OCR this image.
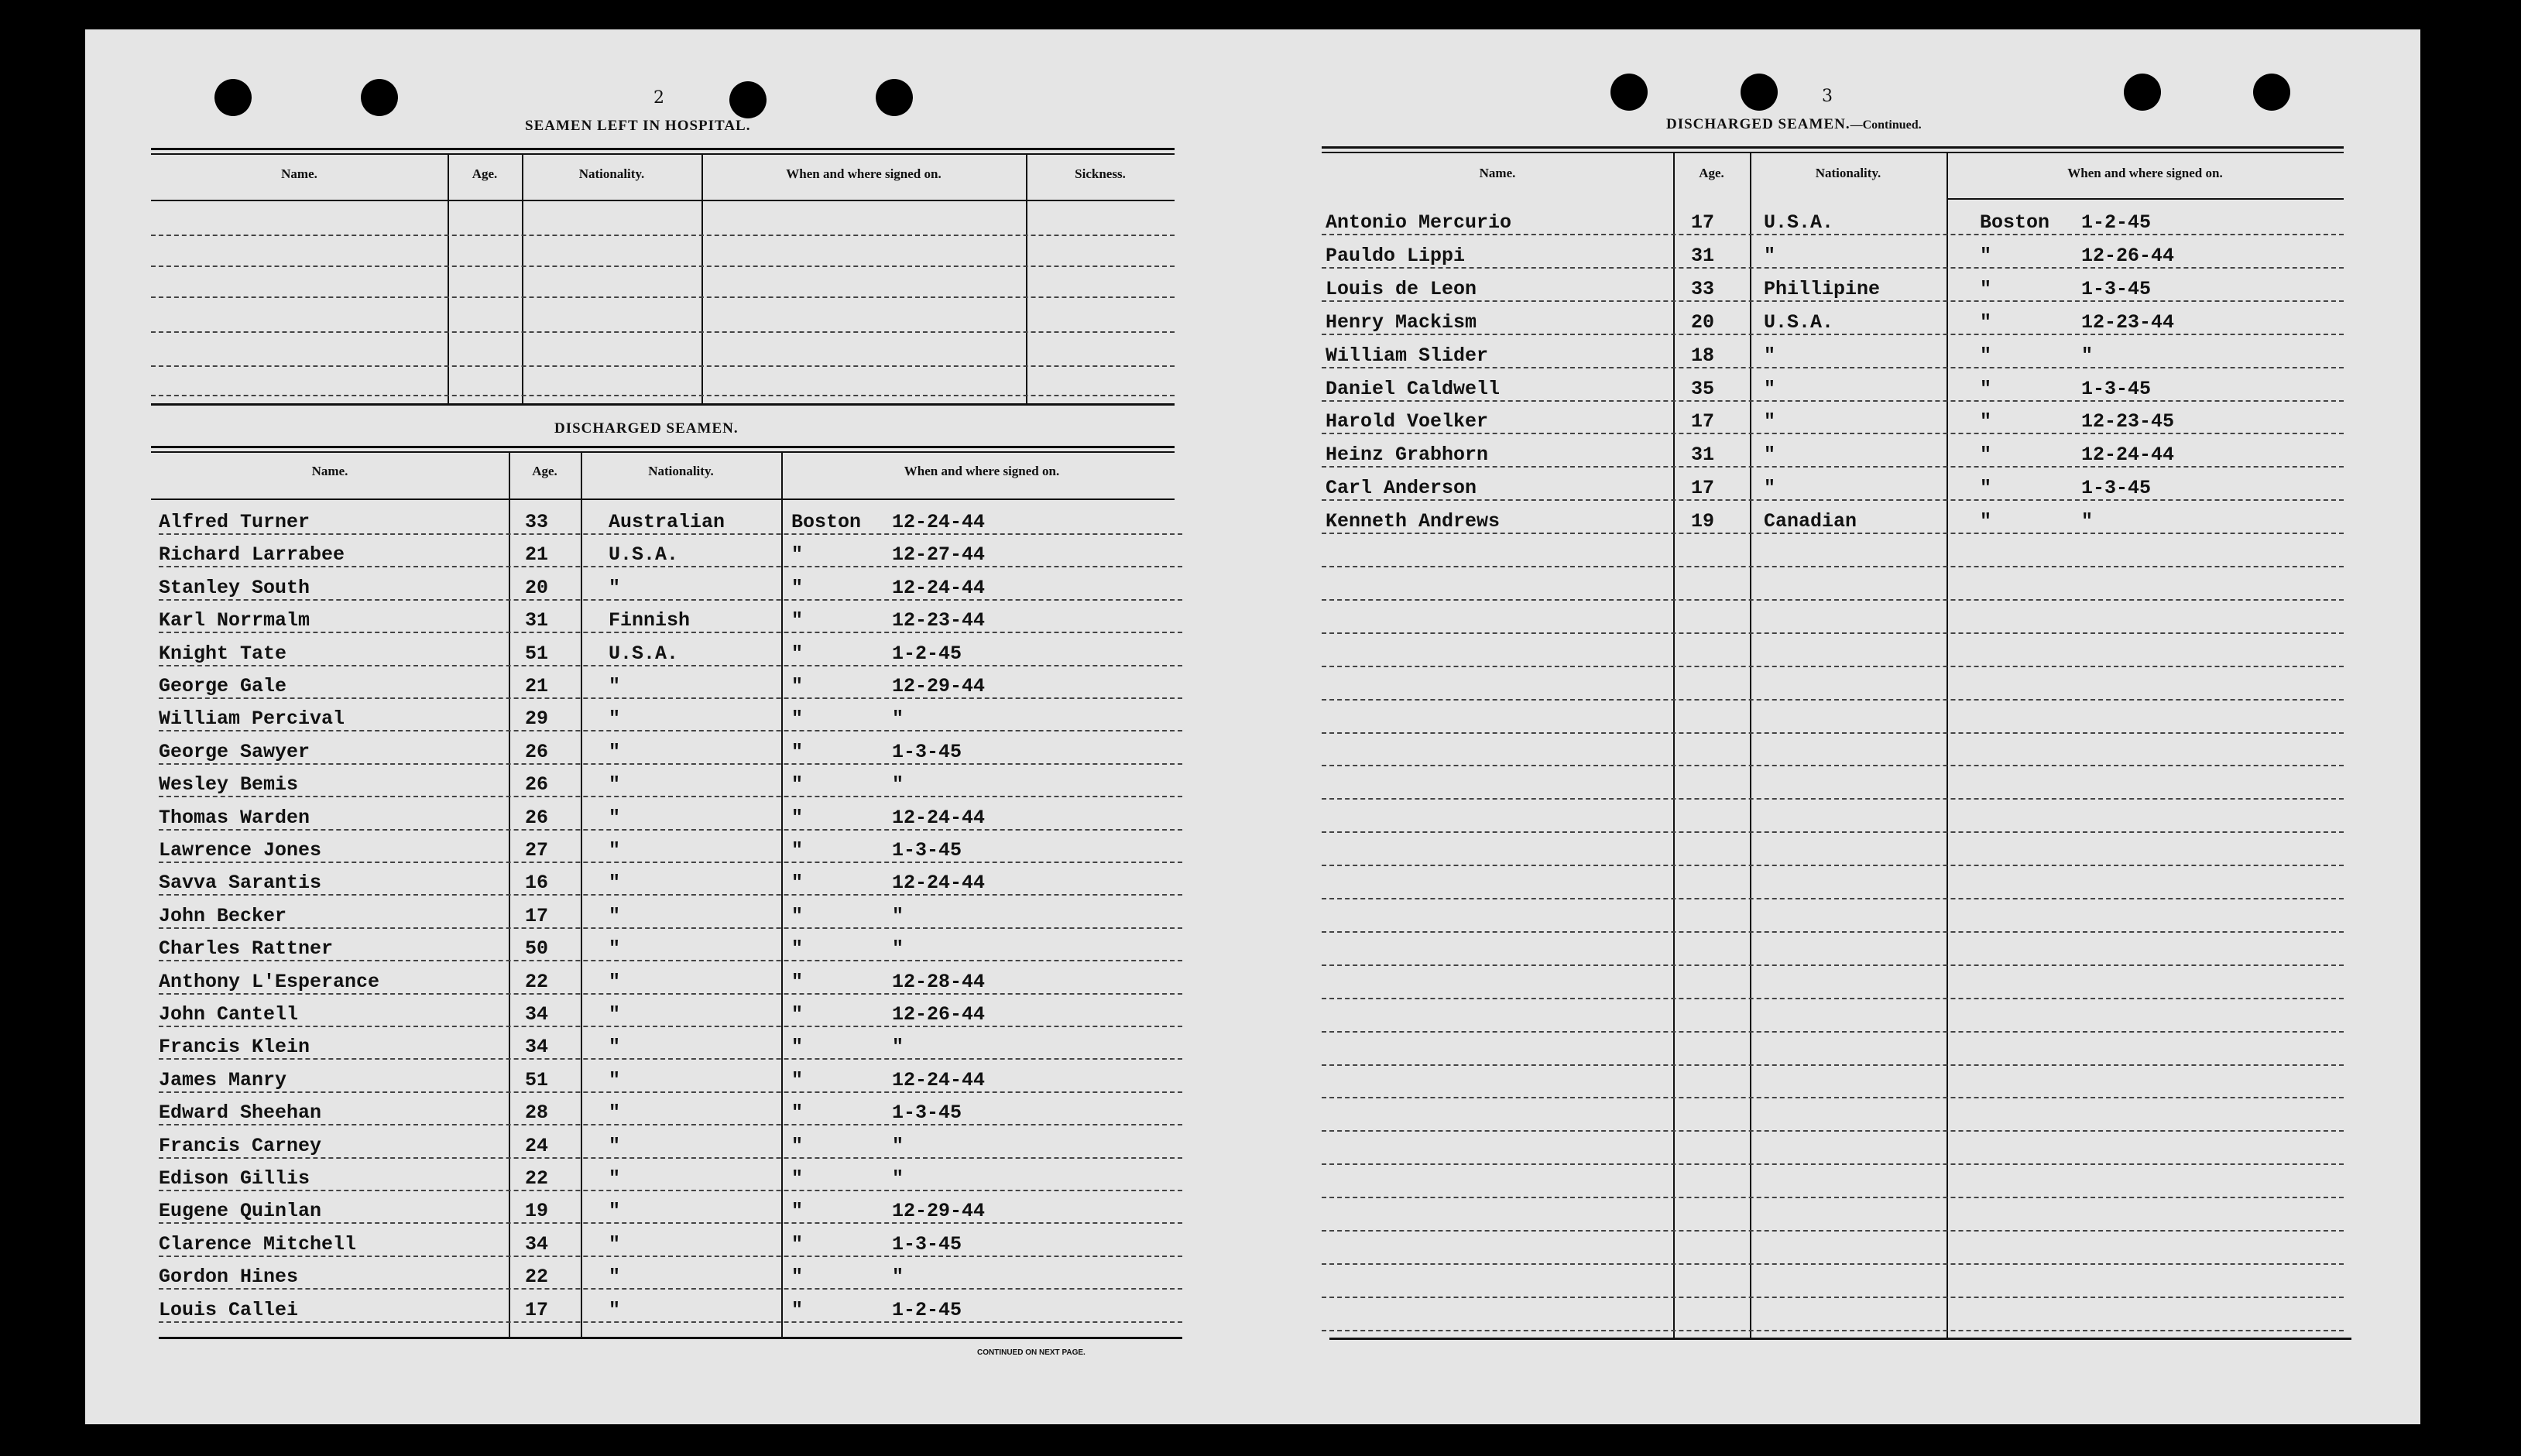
2
SEAMEN LEFT IN HOSPITAL.
Name.	Age.	Nationality.	When and where signed on.	Sickness.
DISCHARGED SEAMEN.
Name.	Age.	Nationality.	When and where signed on.
Alfred Turner	33	Australian	Boston 12-24-44
Richard Larrabee	21	U.S.A.	"	12-27-44
Stanley South	20	"	"	12-24-44
Karl Norrmalm	31	Finnish	"	12-23-44
Knight Tate	51	U.S.A.	"	1-2-45
George Gale	21	"	"	12-29-44
William Percival	29	"	"	"
George Sawyer	26	"	"	1-3-45
Wesley Bemis	26	"	"	"
Thomas Warden	26	"	"	12-24-44
Lawrence Jones	27	"	"	1-3-45
Savva Sarantis	16	"	"	12-24-44
John Becker	17	"	"	"
Charles Rattner	50	"	"	"
Anthony L'Esperance	22	"	"	12-28-44
John Cantell	34	"	"	12-26-44
Francis Klein	34	"	"	"
James Manry	51	"	"	12-24-44
Edward Sheehan	28	"	"	1-3-45
Francis Carney	24	"	"	"
Edison Gillis	22	"	"	"
Eugene Quinlan	19	"	"	12-29-44
Clarence Mitchell	34	"	"	1-3-45
Gordon Hines	22	"	"	"
Louis Callei	17	"	"	1-2-45
CONTINUED ON NEXT PAGE.
3
DISCHARGED SEAMEN.—Continued.
Name.	Age.	Nationality.	When and where signed on.
Antonio Mercurio	17	U.S.A.	Boston 1-2-45
Pauldo Lippi	31	"	"	12-26-44
Louis de Leon	33	Phillipine	"	1-3-45
Henry Mackism	20	U.S.A.	"	12-23-44
William Slider	18	"	"	"
Daniel Caldwell	35	"	"	1-3-45
Harold Voelker	17	"	"	12-23-45
Heinz Grabhorn	31	"	"	12-24-44
Carl Anderson	17	"	"	1-3-45
Kenneth Andrews	19	Canadian	"	"
